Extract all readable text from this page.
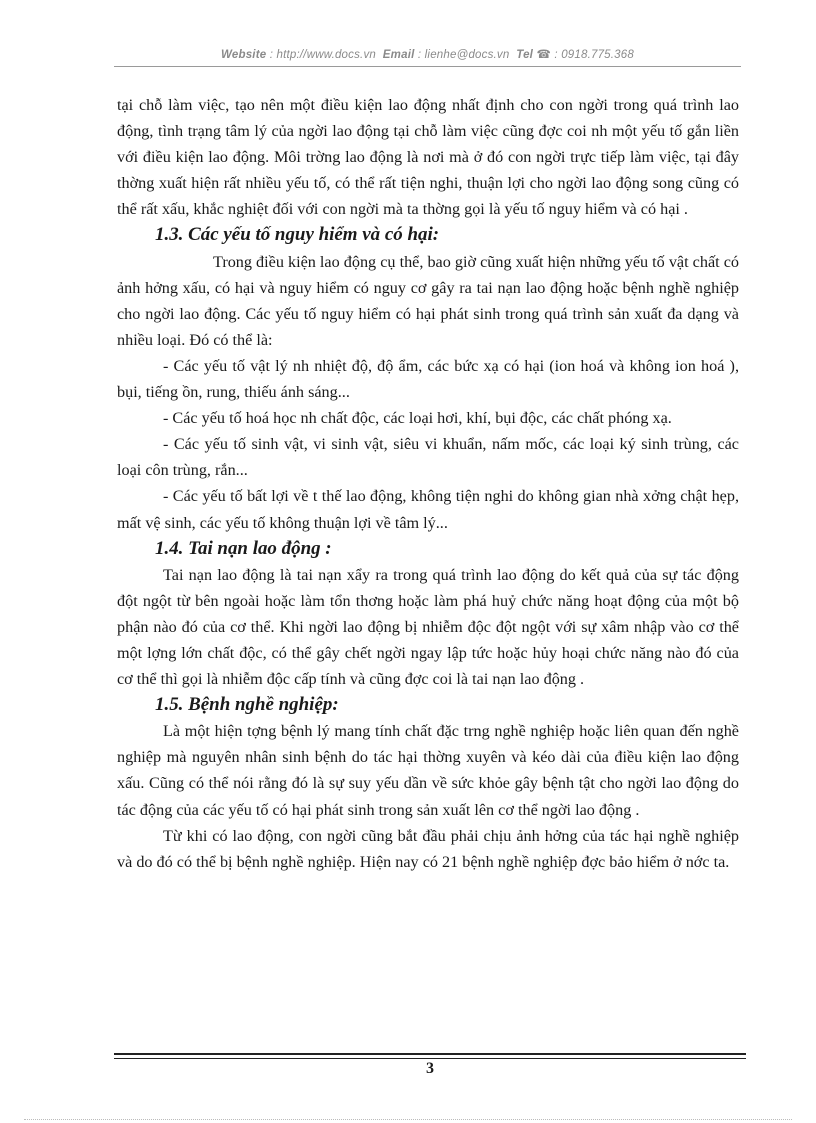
Website : http://www.docs.vn Email : lienhe@docs.vn Tel ☎ : 0918.775.368

tại chỗ làm việc, tạo nên một điều kiện lao động nhất định cho con ngời trong quá trình lao động, tình trạng tâm lý của ngời lao động tại chỗ làm việc cũng đợc coi nh một yếu tố gắn liền với điều kiện lao động. Môi trờng lao động là nơi mà ở đó con ngời trực tiếp làm việc, tại đây thờng xuất hiện rất nhiều yếu tố, có thể rất tiện nghi, thuận lợi cho ngời lao động song cũng có thể rất xấu, khắc nghiệt đối với con ngời mà ta thờng gọi là yếu tố nguy hiểm và có hại .

1.3. Các yếu tố nguy hiểm và có hại:

Trong điều kiện lao động cụ thể, bao giờ cũng xuất hiện những yếu tố vật chất có ảnh hởng xấu, có hại và nguy hiểm có nguy cơ gây ra tai nạn lao động hoặc bệnh nghề nghiệp cho ngời lao động. Các yếu tố nguy hiểm có hại phát sinh trong quá trình sản xuất đa dạng và nhiều loại. Đó có thể là:

- Các yếu tố vật lý nh nhiệt độ, độ ẩm, các bức xạ có hại (ion hoá và không ion hoá ), bụi, tiếng ồn, rung, thiếu ánh sáng...

- Các yếu tố hoá học nh chất độc, các loại hơi, khí, bụi độc, các chất phóng xạ.

- Các yếu tố sinh vật, vi sinh vật, siêu vi khuẩn, nấm mốc, các loại ký sinh trùng, các loại côn trùng, rắn...

- Các yếu tố bất lợi về t thế lao động, không tiện nghi do không gian nhà xởng chật hẹp, mất vệ sinh, các yếu tố không thuận lợi về tâm lý...

1.4. Tai nạn lao động :

Tai nạn lao động là tai nạn xẩy ra trong quá trình lao động do kết quả của sự tác động đột ngột từ bên ngoài hoặc làm tổn thơng hoặc làm phá huỷ chức năng hoạt động của một bộ phận nào đó của cơ thể. Khi ngời lao động bị nhiễm độc đột ngột với sự xâm nhập vào cơ thể một lợng lớn chất độc, có thể gây chết ngời ngay lập tức hoặc hủy hoại chức năng nào đó của cơ thể thì gọi là nhiễm độc cấp tính và cũng đợc coi là tai nạn lao động .

1.5. Bệnh nghề nghiệp:

Là một hiện tợng bệnh lý mang tính chất đặc trng nghề nghiệp hoặc liên quan đến nghề nghiệp mà nguyên nhân sinh bệnh do tác hại thờng xuyên và kéo dài của điều kiện lao động xấu. Cũng có thể nói rằng đó là sự suy yếu dần về sức khỏe gây bệnh tật cho ngời lao động do tác động của các yếu tố có hại phát sinh trong sản xuất lên cơ thể ngời lao động .

Từ khi có lao động, con ngời cũng bắt đầu phải chịu ảnh hởng của tác hại nghề nghiệp và do đó có thể bị bệnh nghề nghiệp. Hiện nay có 21 bệnh nghề nghiệp đợc bảo hiểm ở nớc ta.

3
